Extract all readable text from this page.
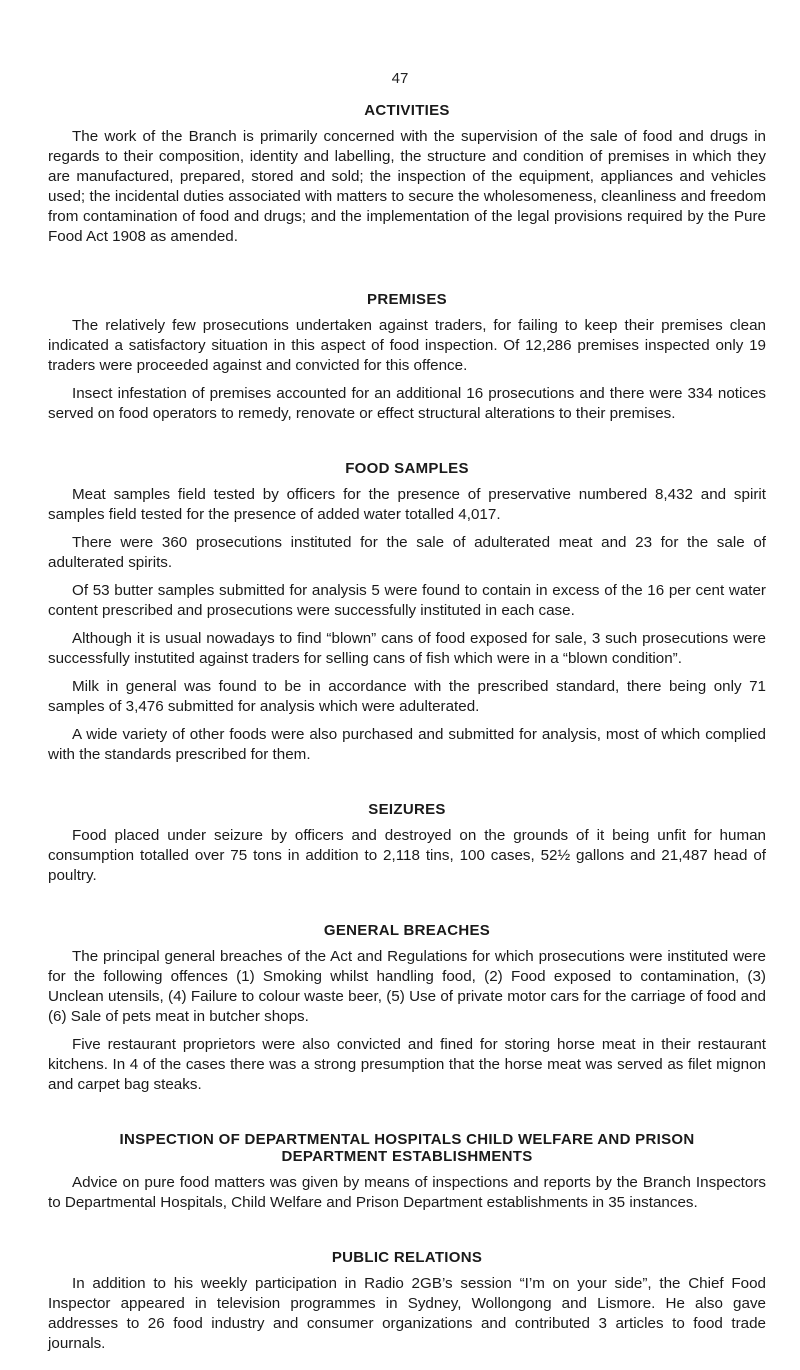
47
ACTIVITIES

The work of the Branch is primarily concerned with the supervision of the sale of food and drugs in regards to their composition, identity and labelling, the structure and condition of premises in which they are manufactured, prepared, stored and sold; the inspection of the equipment, appliances and vehicles used; the incidental duties associated with matters to secure the wholesomeness, cleanliness and freedom from contamination of food and drugs; and the implementation of the legal provisions required by the Pure Food Act 1908 as amended.

PREMISES

The relatively few prosecutions undertaken against traders, for failing to keep their premises clean indicated a satisfactory situation in this aspect of food inspection. Of 12,286 premises inspected only 19 traders were proceeded against and convicted for this offence.

Insect infestation of premises accounted for an additional 16 prosecutions and there were 334 notices served on food operators to remedy, renovate or effect structural alterations to their premises.

FOOD SAMPLES

Meat samples field tested by officers for the presence of preservative numbered 8,432 and spirit samples field tested for the presence of added water totalled 4,017.

There were 360 prosecutions instituted for the sale of adulterated meat and 23 for the sale of adulterated spirits.

Of 53 butter samples submitted for analysis 5 were found to contain in excess of the 16 per cent water content prescribed and prosecutions were successfully instituted in each case.

Although it is usual nowadays to find “blown” cans of food exposed for sale, 3 such prosecutions were successfully instutited against traders for selling cans of fish which were in a “blown condition”.

Milk in general was found to be in accordance with the prescribed standard, there being only 71 samples of 3,476 submitted for analysis which were adulterated.

A wide variety of other foods were also purchased and submitted for analysis, most of which complied with the standards prescribed for them.

SEIZURES

Food placed under seizure by officers and destroyed on the grounds of it being unfit for human consumption totalled over 75 tons in addition to 2,118 tins, 100 cases, 52½ gallons and 21,487 head of poultry.

GENERAL BREACHES

The principal general breaches of the Act and Regulations for which prosecutions were instituted were for the following offences (1) Smoking whilst handling food, (2) Food exposed to contamination, (3) Unclean utensils, (4) Failure to colour waste beer, (5) Use of private motor cars for the carriage of food and (6) Sale of pets meat in butcher shops.

Five restaurant proprietors were also convicted and fined for storing horse meat in their restaurant kitchens. In 4 of the cases there was a strong presumption that the horse meat was served as filet mignon and carpet bag steaks.

INSPECTION OF DEPARTMENTAL HOSPITALS CHILD WELFARE AND PRISON DEPARTMENT ESTABLISHMENTS

Advice on pure food matters was given by means of inspections and reports by the Branch Inspectors to Departmental Hospitals, Child Welfare and Prison Department establishments in 35 instances.

PUBLIC RELATIONS

In addition to his weekly participation in Radio 2GB’s session “I’m on your side”, the Chief Food Inspector appeared in television programmes in Sydney, Wollongong and Lismore. He also gave addresses to 26 food industry and consumer organizations and contributed 3 articles to food trade journals.
